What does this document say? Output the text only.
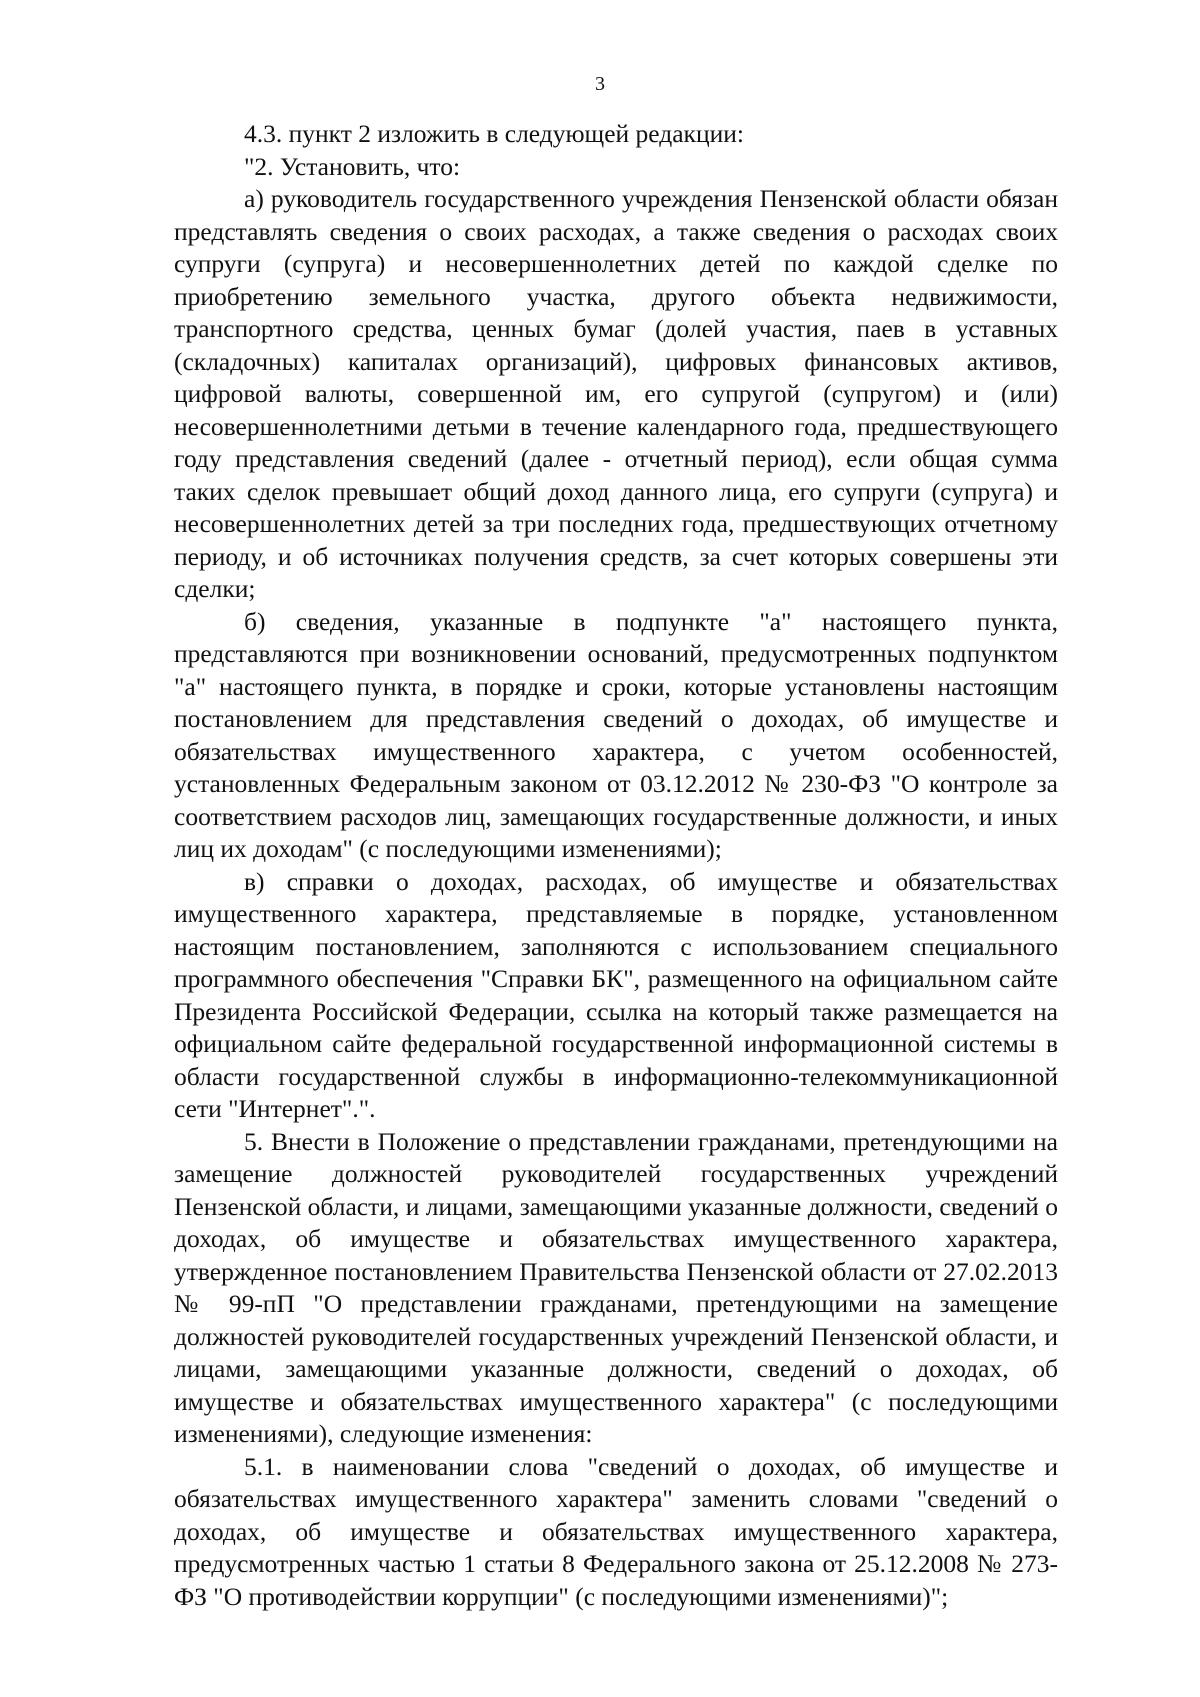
3

4.3. пункт 2 изложить в следующей редакции:

"2. Установить, что:

а) руководитель государственного учреждения Пензенской области обязан представлять сведения о своих расходах, а также сведения о расходах своих супруги (супруга) и несовершеннолетних детей по каждой сделке по приобретению земельного участка, другого объекта недвижимости, транспортного средства, ценных бумаг (долей участия, паев в уставных (складочных) капиталах организаций), цифровых финансовых активов, цифровой валюты, совершенной им, его супругой (супругом) и (или) несовершеннолетними детьми в течение календарного года, предшествующего году представления сведений (далее - отчетный период), если общая сумма таких сделок превышает общий доход данного лица, его супруги (супруга) и несовершеннолетних детей за три последних года, предшествующих отчетному периоду, и об источниках получения средств, за счет которых совершены эти сделки;

б) сведения, указанные в подпункте "а" настоящего пункта, представляются при возникновении оснований, предусмотренных подпунктом "а" настоящего пункта, в порядке и сроки, которые установлены настоящим постановлением для представления сведений о доходах, об имуществе и обязательствах имущественного характера, с учетом особенностей, установленных Федеральным законом от 03.12.2012 № 230-ФЗ "О контроле за соответствием расходов лиц, замещающих государственные должности, и иных лиц их доходам" (с последующими изменениями);

в) справки о доходах, расходах, об имуществе и обязательствах имущественного характера, представляемые в порядке, установленном настоящим постановлением, заполняются с использованием специального программного обеспечения "Справки БК", размещенного на официальном сайте Президента Российской Федерации, ссылка на который также размещается на официальном сайте федеральной государственной информационной системы в области государственной службы в информационно-телекоммуникационной сети "Интернет".".

5. Внести в Положение о представлении гражданами, претендующими на замещение должностей руководителей государственных учреждений Пензенской области, и лицами, замещающими указанные должности, сведений о доходах, об имуществе и обязательствах имущественного характера, утвержденное постановлением Правительства Пензенской области от 27.02.2013 № 99-пП "О представлении гражданами, претендующими на замещение должностей руководителей государственных учреждений Пензенской области, и лицами, замещающими указанные должности, сведений о доходах, об имуществе и обязательствах имущественного характера" (с последующими изменениями), следующие изменения:

5.1. в наименовании слова "сведений о доходах, об имуществе и обязательствах имущественного характера" заменить словами "сведений о доходах, об имуществе и обязательствах имущественного характера, предусмотренных частью 1 статьи 8 Федерального закона от 25.12.2008 № 273-ФЗ "О противодействии коррупции" (с последующими изменениями)";
